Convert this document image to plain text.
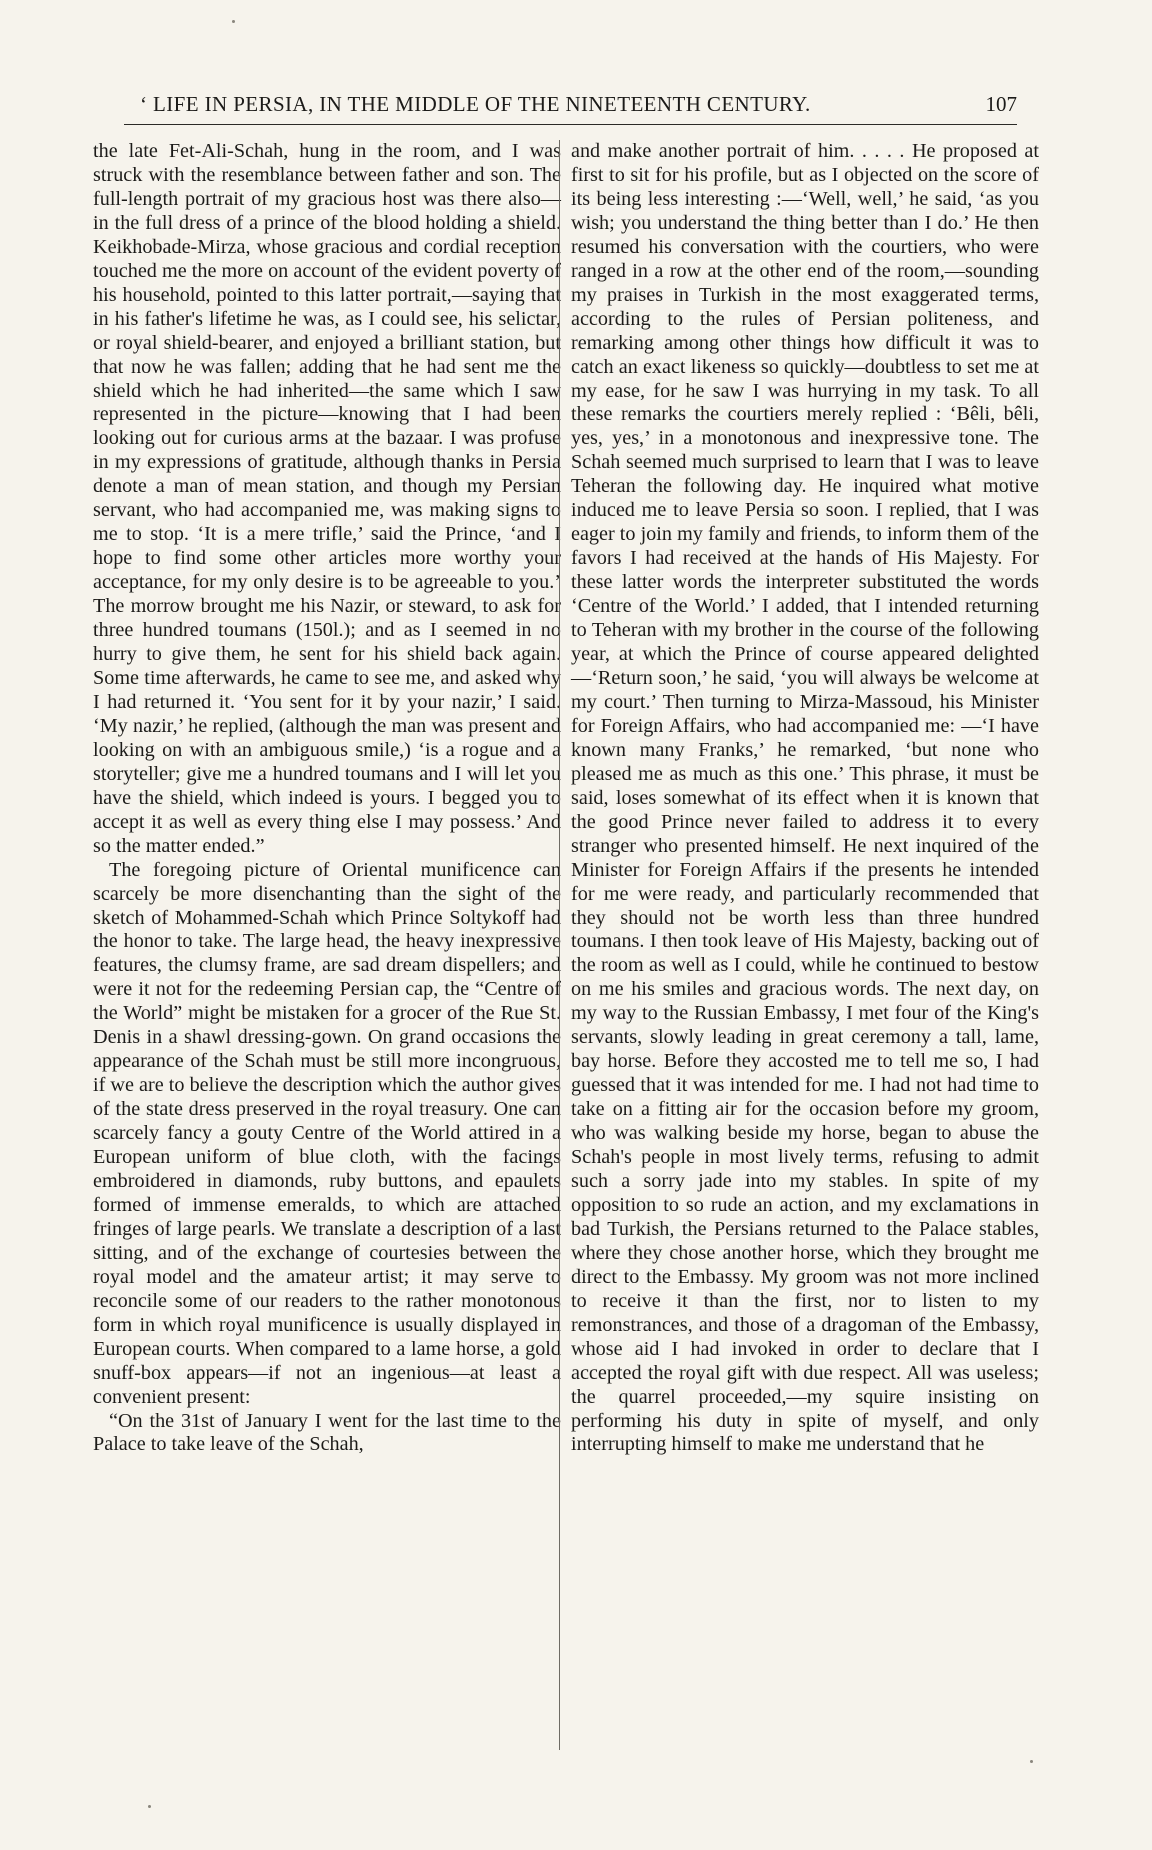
‘ LIFE IN PERSIA, IN THE MIDDLE OF THE NINETEENTH CENTURY.	107

the late Fet-Ali-Schah, hung in the room, and I was struck with the resemblance between father and son. The full-length portrait of my gracious host was there also—in the full dress of a prince of the blood holding a shield. Keikhobade-Mirza, whose gracious and cordial reception touched me the more on account of the evident poverty of his household, pointed to this latter portrait,—saying that in his father's lifetime he was, as I could see, his selictar, or royal shield-bearer, and enjoyed a brilliant station, but that now he was fallen; adding that he had sent me the shield which he had inherited—the same which I saw represented in the picture—knowing that I had been looking out for curious arms at the bazaar. I was profuse in my expressions of gratitude, although thanks in Persia denote a man of mean station, and though my Persian servant, who had accompanied me, was making signs to me to stop. ‘It is a mere trifle,’ said the Prince, ‘and I hope to find some other articles more worthy your acceptance, for my only desire is to be agreeable to you.’ The morrow brought me his Nazir, or steward, to ask for three hundred toumans (150l.); and as I seemed in no hurry to give them, he sent for his shield back again. Some time afterwards, he came to see me, and asked why I had returned it. ‘You sent for it by your nazir,’ I said. ‘My nazir,’ he replied, (although the man was present and looking on with an ambiguous smile,) ‘is a rogue and a storyteller; give me a hundred toumans and I will let you have the shield, which indeed is yours. I begged you to accept it as well as every thing else I may possess.’ And so the matter ended.”

The foregoing picture of Oriental munificence can scarcely be more disenchanting than the sight of the sketch of Mohammed-Schah which Prince Soltykoff had the honor to take. The large head, the heavy inexpressive features, the clumsy frame, are sad dream dispellers; and were it not for the redeeming Persian cap, the “Centre of the World” might be mistaken for a grocer of the Rue St. Denis in a shawl dressing-gown. On grand occasions the appearance of the Schah must be still more incongruous, if we are to believe the description which the author gives of the state dress preserved in the royal treasury. One can scarcely fancy a gouty Centre of the World attired in a European uniform of blue cloth, with the facings embroidered in diamonds, ruby buttons, and epaulets formed of immense emeralds, to which are attached fringes of large pearls. We translate a description of a last sitting, and of the exchange of courtesies between the royal model and the amateur artist; it may serve to reconcile some of our readers to the rather monotonous form in which royal munificence is usually displayed in European courts. When compared to a lame horse, a gold snuff-box appears—if not an ingenious—at least a convenient present:

“On the 31st of January I went for the last time to the Palace to take leave of the Schah,

and make another portrait of him. . . . . He proposed at first to sit for his profile, but as I objected on the score of its being less interesting :—‘Well, well,’ he said, ‘as you wish; you understand the thing better than I do.’ He then resumed his conversation with the courtiers, who were ranged in a row at the other end of the room,—sounding my praises in Turkish in the most exaggerated terms, according to the rules of Persian politeness, and remarking among other things how difficult it was to catch an exact likeness so quickly—doubtless to set me at my ease, for he saw I was hurrying in my task. To all these remarks the courtiers merely replied : ‘Bêli, bêli, yes, yes,’ in a monotonous and inexpressive tone. The Schah seemed much surprised to learn that I was to leave Teheran the following day. He inquired what motive induced me to leave Persia so soon. I replied, that I was eager to join my family and friends, to inform them of the favors I had received at the hands of His Majesty. For these latter words the interpreter substituted the words ‘Centre of the World.’ I added, that I intended returning to Teheran with my brother in the course of the following year, at which the Prince of course appeared delighted—‘Return soon,’ he said, ‘you will always be welcome at my court.’ Then turning to Mirza-Massoud, his Minister for Foreign Affairs, who had accompanied me: —‘I have known many Franks,’ he remarked, ‘but none who pleased me as much as this one.’ This phrase, it must be said, loses somewhat of its effect when it is known that the good Prince never failed to address it to every stranger who presented himself. He next inquired of the Minister for Foreign Affairs if the presents he intended for me were ready, and particularly recommended that they should not be worth less than three hundred toumans. I then took leave of His Majesty, backing out of the room as well as I could, while he continued to bestow on me his smiles and gracious words. The next day, on my way to the Russian Embassy, I met four of the King's servants, slowly leading in great ceremony a tall, lame, bay horse. Before they accosted me to tell me so, I had guessed that it was intended for me. I had not had time to take on a fitting air for the occasion before my groom, who was walking beside my horse, began to abuse the Schah's people in most lively terms, refusing to admit such a sorry jade into my stables. In spite of my opposition to so rude an action, and my exclamations in bad Turkish, the Persians returned to the Palace stables, where they chose another horse, which they brought me direct to the Embassy. My groom was not more inclined to receive it than the first, nor to listen to my remonstrances, and those of a dragoman of the Embassy, whose aid I had invoked in order to declare that I accepted the royal gift with due respect. All was useless; the quarrel proceeded,—my squire insisting on performing his duty in spite of myself, and only interrupting himself to make me understand that he
